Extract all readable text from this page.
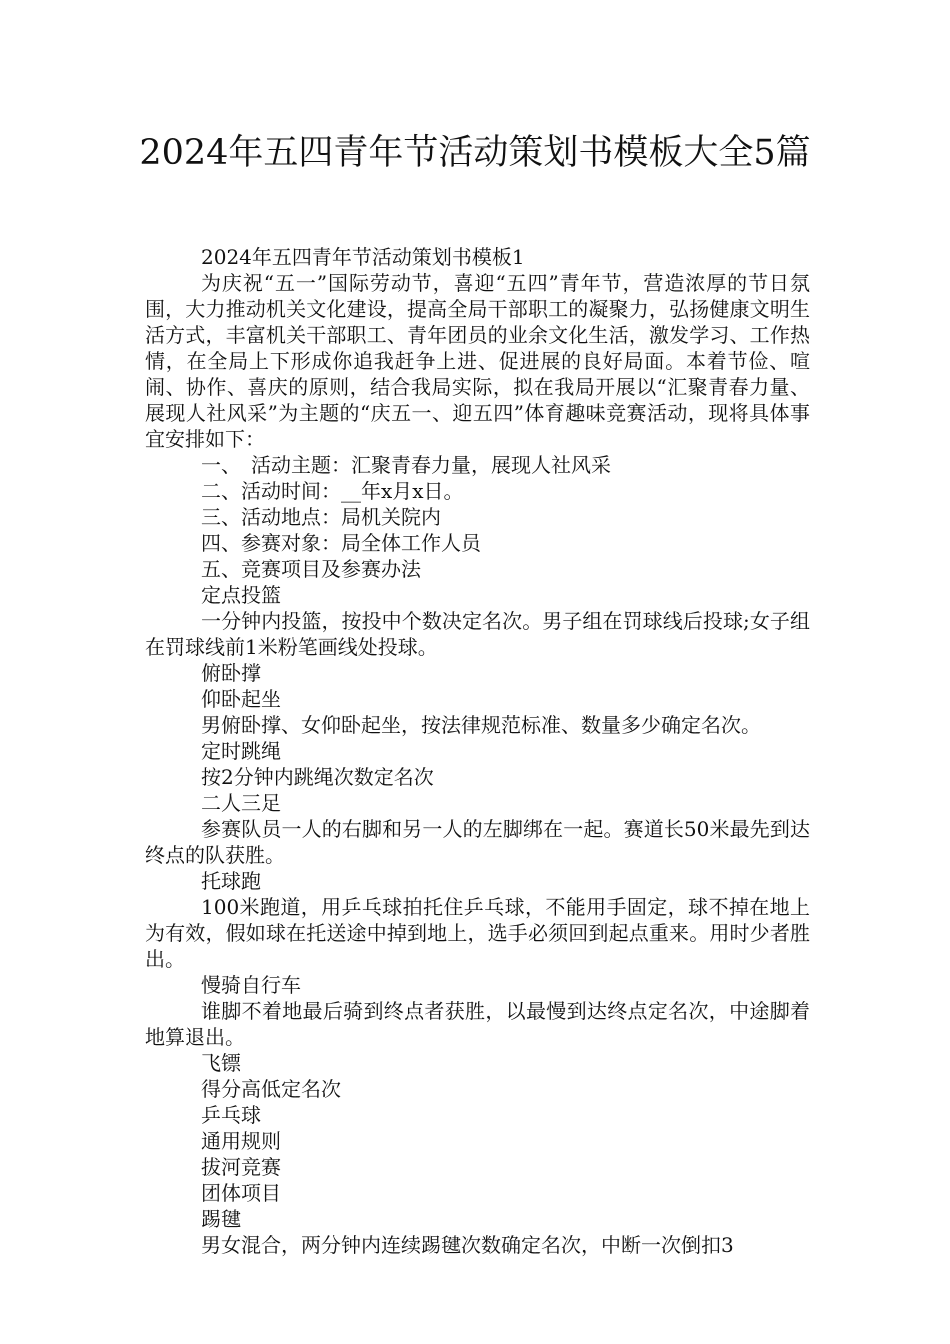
2024年五四青年节活动策划书模板大全5篇

2024年五四青年节活动策划书模板1

为庆祝“五一”国际劳动节，喜迎“五四”青年节，营造浓厚的节日氛围，大力推动机关文化建设，提高全局干部职工的凝聚力，弘扬健康文明生活方式，丰富机关干部职工、青年团员的业余文化生活，激发学习、工作热情，在全局上下形成你追我赶争上进、促进展的良好局面。本着节俭、喧闹、协作、喜庆的原则，结合我局实际，拟在我局开展以“汇聚青春力量、展现人社风采”为主题的“庆五一、迎五四”体育趣味竞赛活动，现将具体事宜安排如下：

一、　活动主题：汇聚青春力量，展现人社风采

二、活动时间：__年x月x日。

三、活动地点：局机关院内

四、参赛对象：局全体工作人员

五、竞赛项目及参赛办法

定点投篮

一分钟内投篮，按投中个数决定名次。男子组在罚球线后投球;女子组在罚球线前1米粉笔画线处投球。

俯卧撑

仰卧起坐

男俯卧撑、女仰卧起坐，按法律规范标准、数量多少确定名次。

定时跳绳

按2分钟内跳绳次数定名次

二人三足

参赛队员一人的右脚和另一人的左脚绑在一起。赛道长50米最先到达终点的队获胜。

托球跑

100米跑道，用乒乓球拍托住乒乓球，不能用手固定，球不掉在地上为有效，假如球在托送途中掉到地上，选手必须回到起点重来。用时少者胜出。

慢骑自行车

谁脚不着地最后骑到终点者获胜，以最慢到达终点定名次，中途脚着地算退出。

飞镖

得分高低定名次

乒乓球

通用规则

拔河竞赛

团体项目

踢毽

男女混合，两分钟内连续踢毽次数确定名次，中断一次倒扣3
